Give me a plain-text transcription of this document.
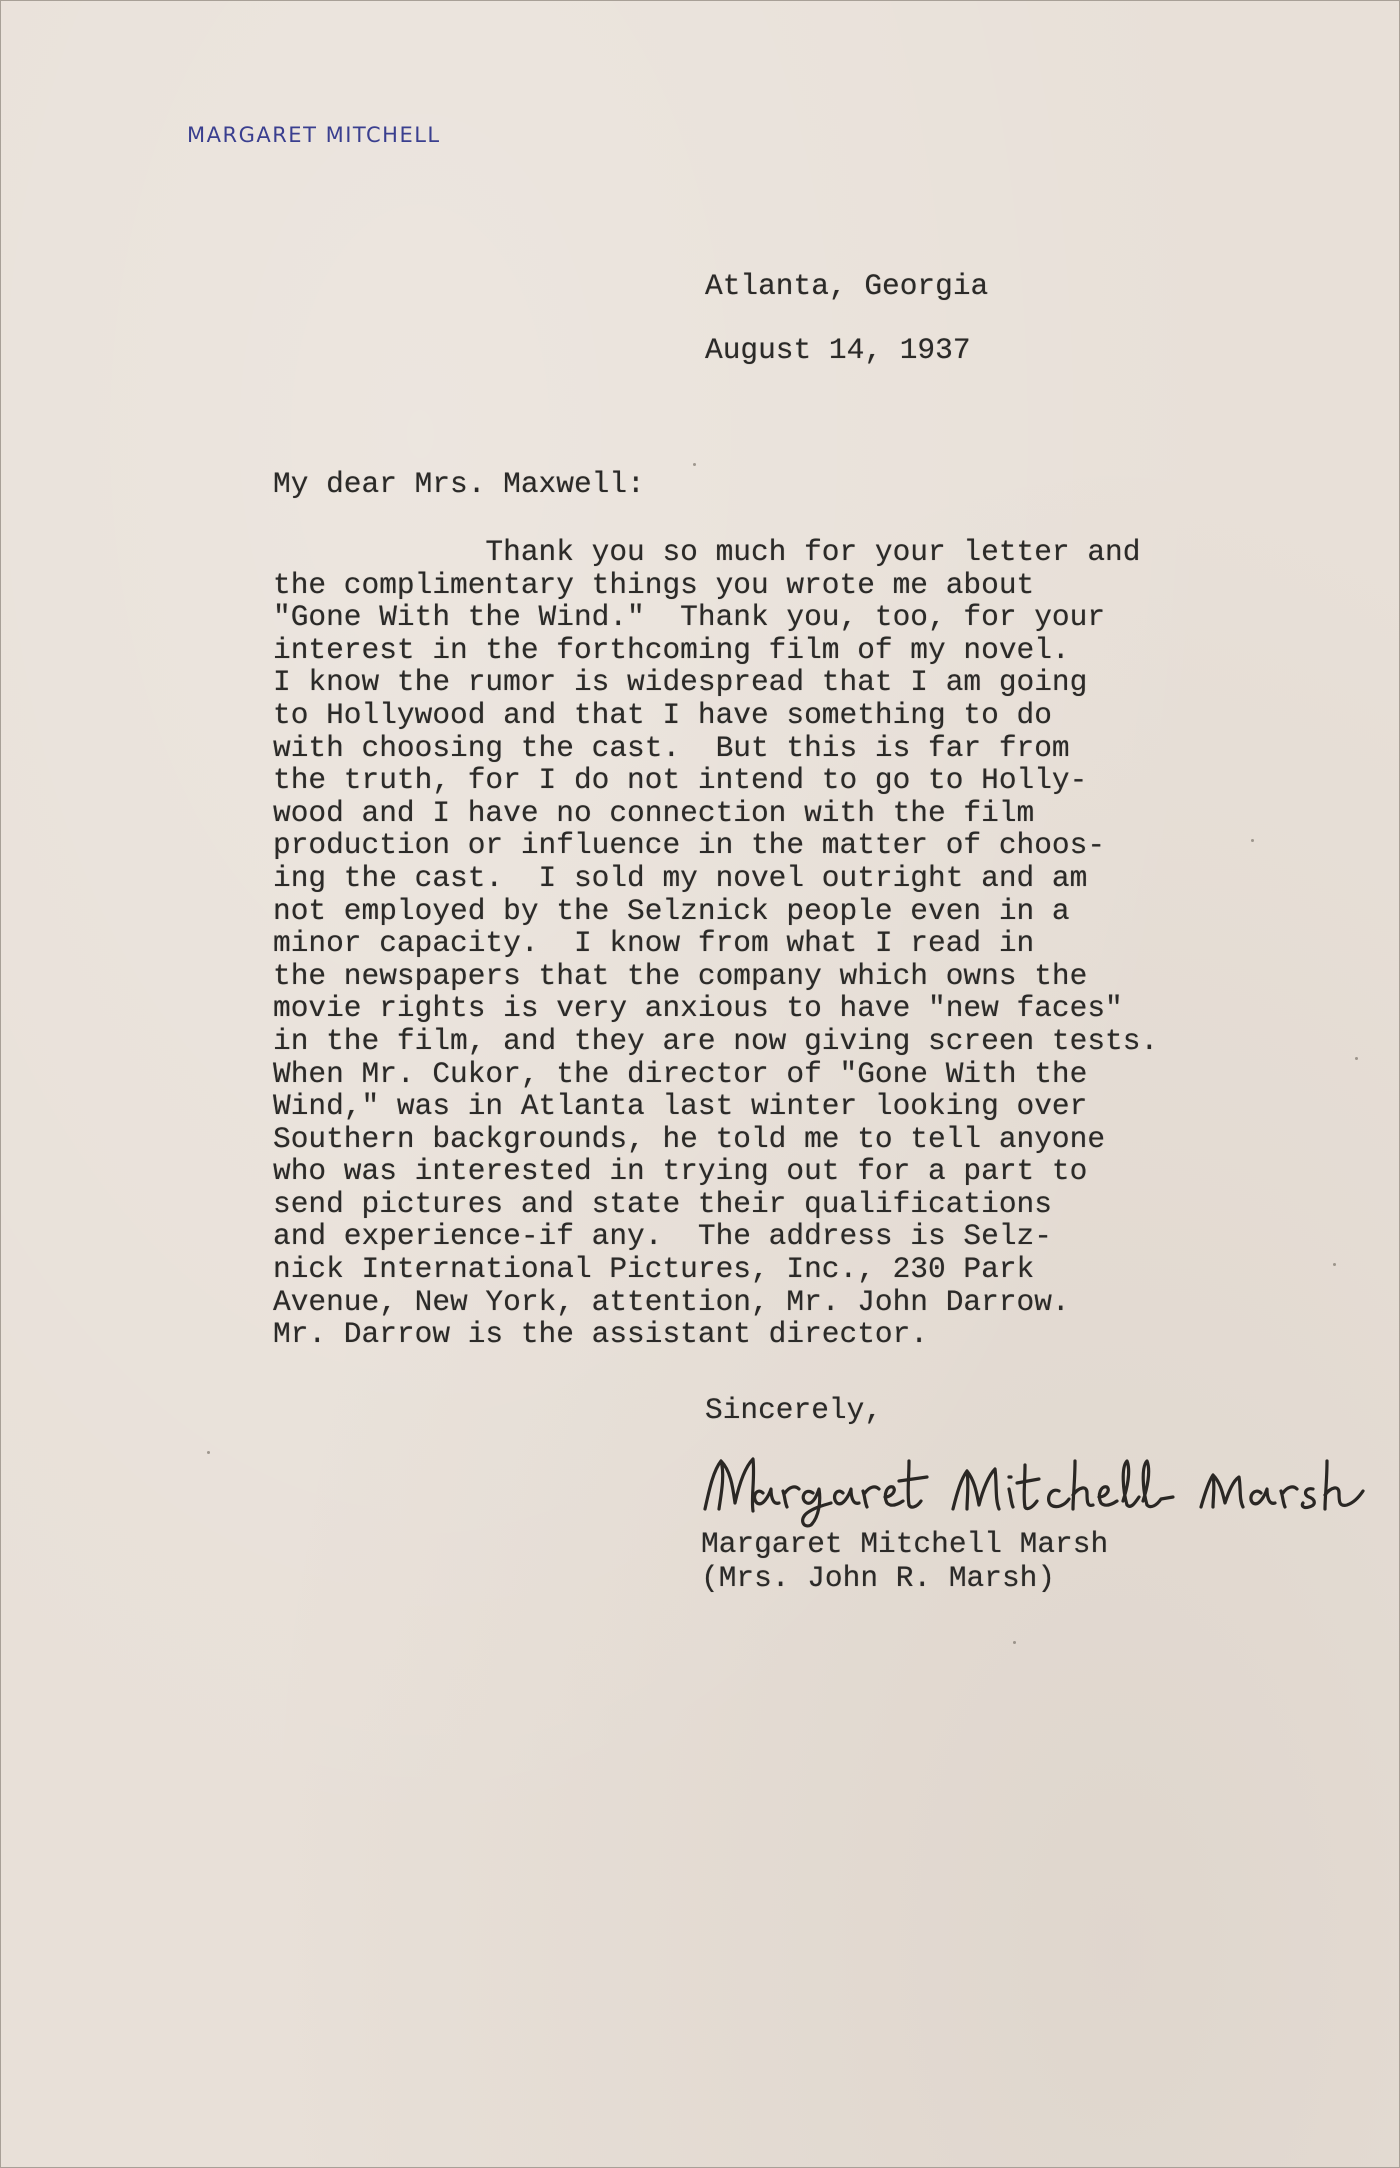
MARGARET MITCHELL
Atlanta, Georgia
August 14, 1937
My dear Mrs. Maxwell:
Thank you so much for your letter and
the complimentary things you wrote me about
"Gone With the Wind."  Thank you, too, for your
interest in the forthcoming film of my novel.
I know the rumor is widespread that I am going
to Hollywood and that I have something to do
with choosing the cast.  But this is far from
the truth, for I do not intend to go to Holly-
wood and I have no connection with the film
production or influence in the matter of choos-
ing the cast.  I sold my novel outright and am
not employed by the Selznick people even in a
minor capacity.  I know from what I read in
the newspapers that the company which owns the
movie rights is very anxious to have "new faces"
in the film, and they are now giving screen tests.
When Mr. Cukor, the director of "Gone With the
Wind," was in Atlanta last winter looking over
Southern backgrounds, he told me to tell anyone
who was interested in trying out for a part to
send pictures and state their qualifications
and experience-if any.  The address is Selz-
nick International Pictures, Inc., 230 Park
Avenue, New York, attention, Mr. John Darrow.
Mr. Darrow is the assistant director.
Sincerely,
Margaret Mitchell Marsh
(Mrs. John R. Marsh)
